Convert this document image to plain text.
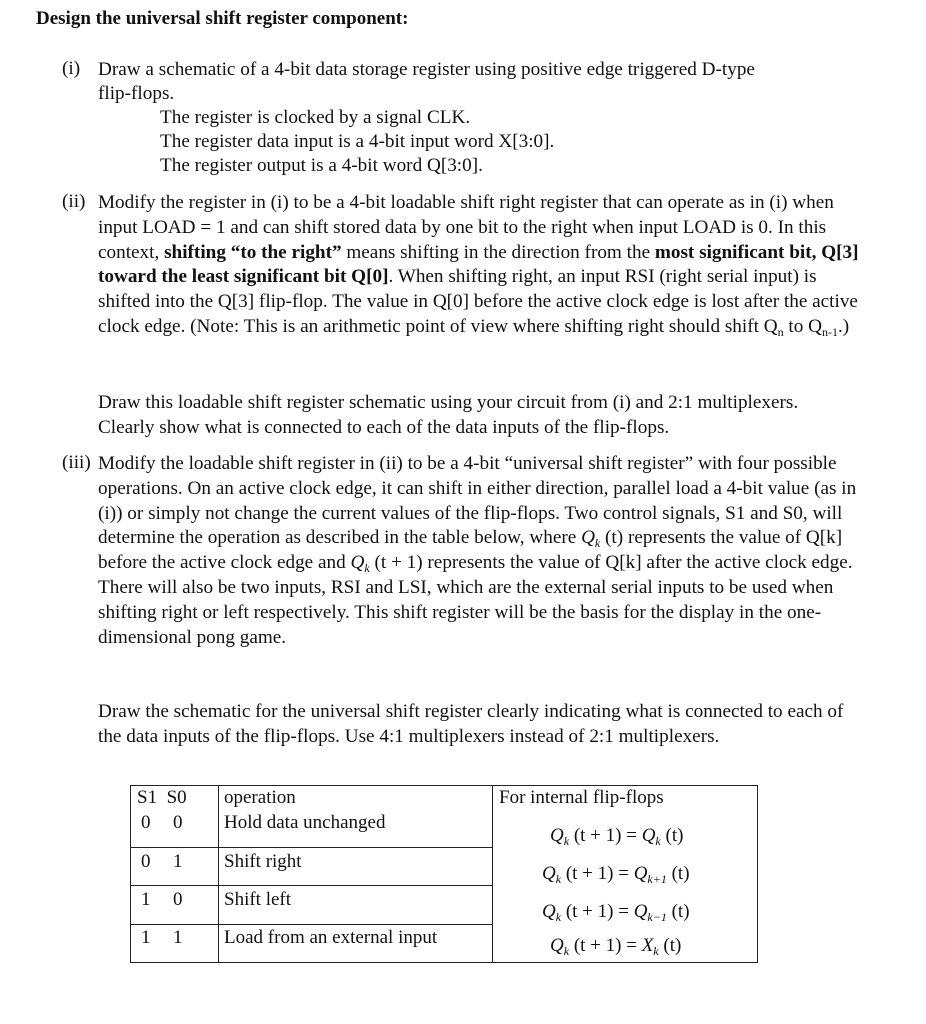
Design the universal shift register component:
(i) Draw a schematic of a 4-bit data storage register using positive edge triggered D-type
flip-flops.
The register is clocked by a signal CLK.
The register data input is a 4-bit input word X[3:0].
The register output is a 4-bit word Q[3:0].
(ii) Modify the register in (i) to be a 4-bit loadable shift right register that can operate as in (i) when input LOAD = 1 and can shift stored data by one bit to the right when input LOAD is 0. In this context, shifting “to the right” means shifting in the direction from the most significant bit, Q[3] toward the least significant bit Q[0]. When shifting right, an input RSI (right serial input) is shifted into the Q[3] flip-flop. The value in Q[0] before the active clock edge is lost after the active clock edge. (Note: This is an arithmetic point of view where shifting right should shift $Q_n$ to $Q_{n-1}$.)
Draw this loadable shift register schematic using your circuit from (i) and 2:1 multiplexers. Clearly show what is connected to each of the data inputs of the flip-flops.
(iii) Modify the loadable shift register in (ii) to be a 4-bit “universal shift register” with four possible operations. On an active clock edge, it can shift in either direction, parallel load a 4-bit value (as in (i)) or simply not change the current values of the flip-flops. Two control signals, S1 and S0, will determine the operation as described in the table below, where $Q_k$ (t) represents the value of Q[k] before the active clock edge and $Q_k$ (t + 1) represents the value of Q[k] after the active clock edge. There will also be two inputs, RSI and LSI, which are the external serial inputs to be used when shifting right or left respectively. This shift register will be the basis for the display in the one-dimensional pong game.
Draw the schematic for the universal shift register clearly indicating what is connected to each of the data inputs of the flip-flops. Use 4:1 multiplexers instead of 2:1 multiplexers.
S1  S0 operation	For internal flip-flops
0 0 Hold data unchanged
$Q_k$ $(t + 1) = Q_k$ (t)
0 1 Shift right
$Q_k$ $(t + 1) = Q_{k+1}$ (t)
1 0 Shift left
$Q_k$ $(t + 1) = Q_{k-1}$ (t)
1 1 Load from an external input	$Q_k$ $(t + 1) = X_k$ (t)
